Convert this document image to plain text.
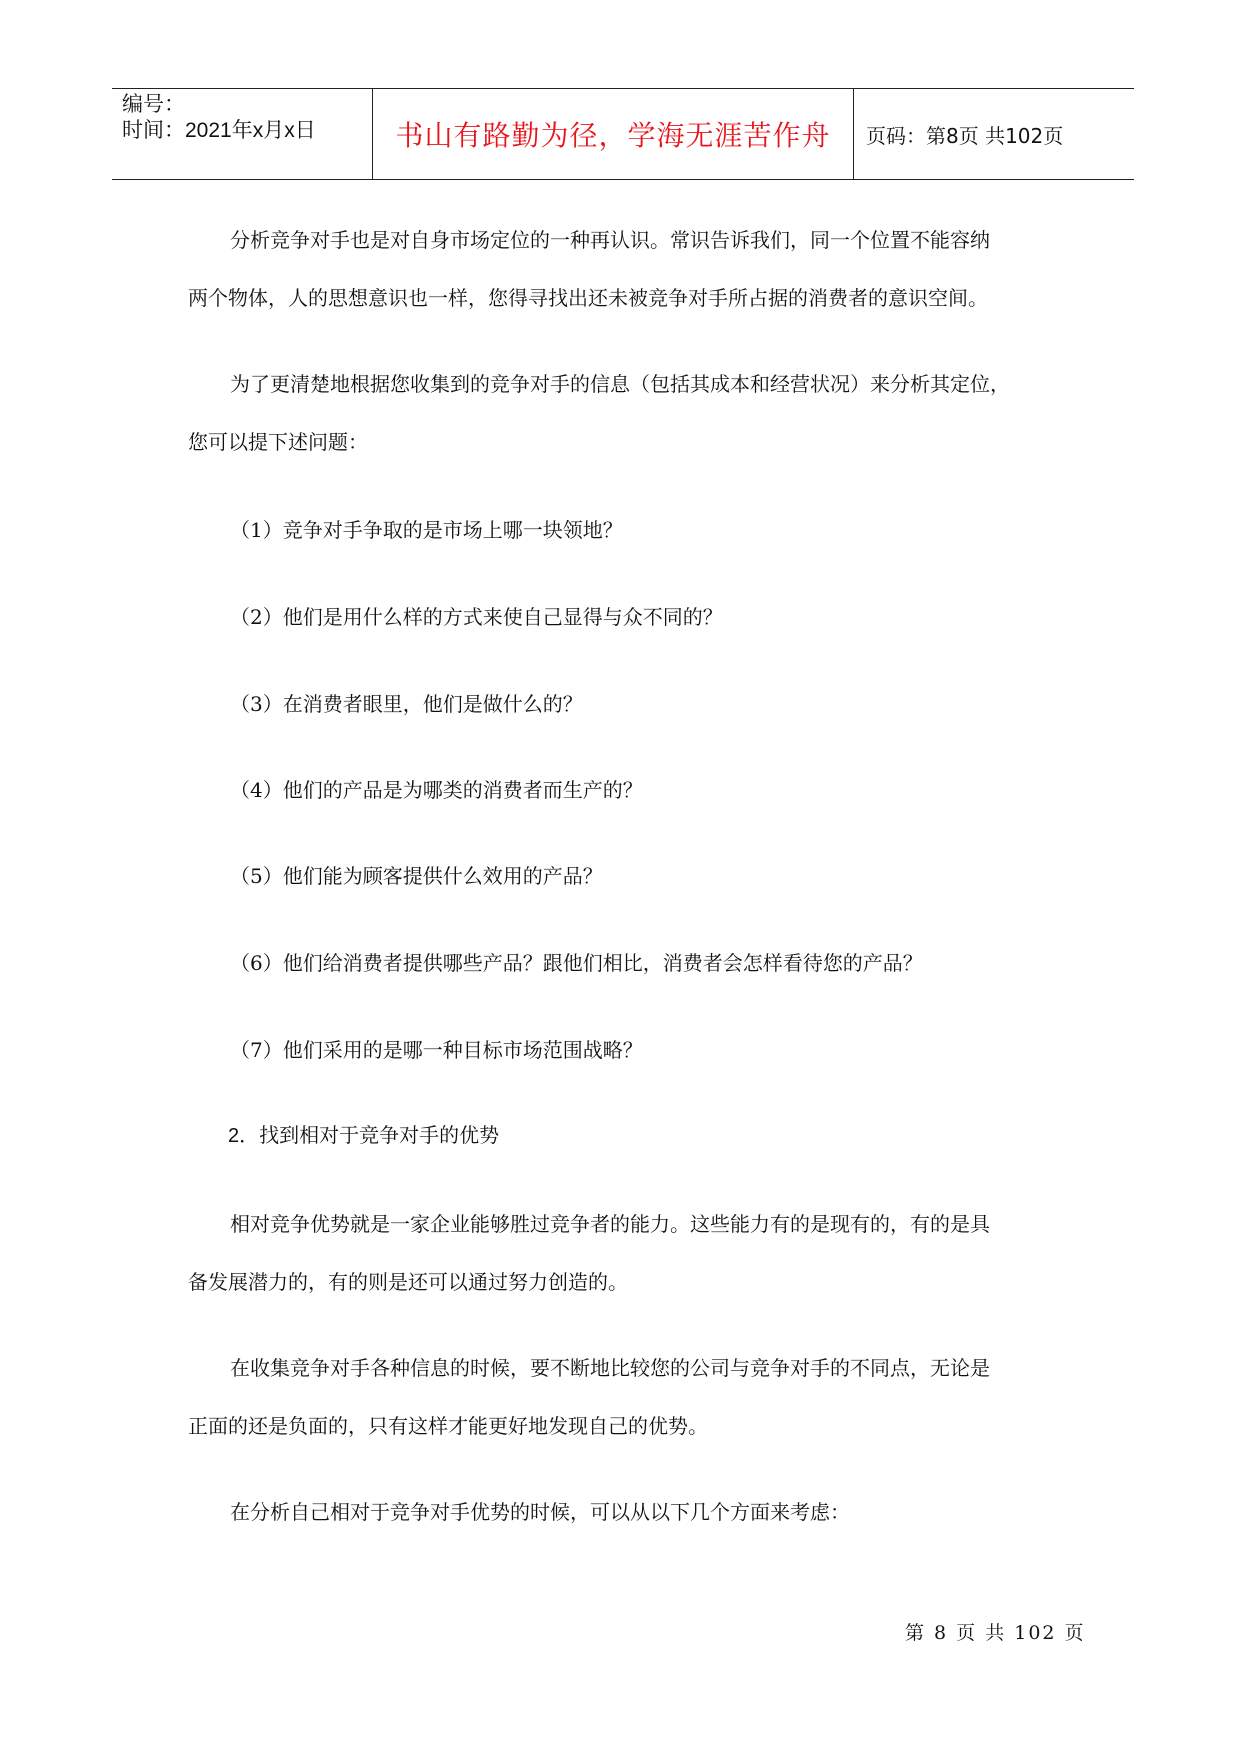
编号：
时间：2021年x月x日	书山有路勤为径，学海无涯苦作舟 页码：第8页 共102页
分析竞争对手也是对自身市场定位的一种再认识。常识告诉我们，同一个位置不能容纳
两个物体，人的思想意识也一样，您得寻找出还未被竞争对手所占据的消费者的意识空间。
为了更清楚地根据您收集到的竞争对手的信息（包括其成本和经营状况）来分析其定位，
您可以提下述问题：
（1）竞争对手争取的是市场上哪一块领地？
（2）他们是用什么样的方式来使自己显得与众不同的？
（3）在消费者眼里，他们是做什么的？
（4）他们的产品是为哪类的消费者而生产的？
（5）他们能为顾客提供什么效用的产品？
（6）他们给消费者提供哪些产品？跟他们相比，消费者会怎样看待您的产品？
（7）他们采用的是哪一种目标市场范围战略？
2．找到相对于竞争对手的优势
相对竞争优势就是一家企业能够胜过竞争者的能力。这些能力有的是现有的，有的是具
备发展潜力的，有的则是还可以通过努力创造的。
在收集竞争对手各种信息的时候，要不断地比较您的公司与竞争对手的不同点，无论是
正面的还是负面的，只有这样才能更好地发现自己的优势。
在分析自己相对于竞争对手优势的时候，可以从以下几个方面来考虑：
第 8 页 共 102 页
